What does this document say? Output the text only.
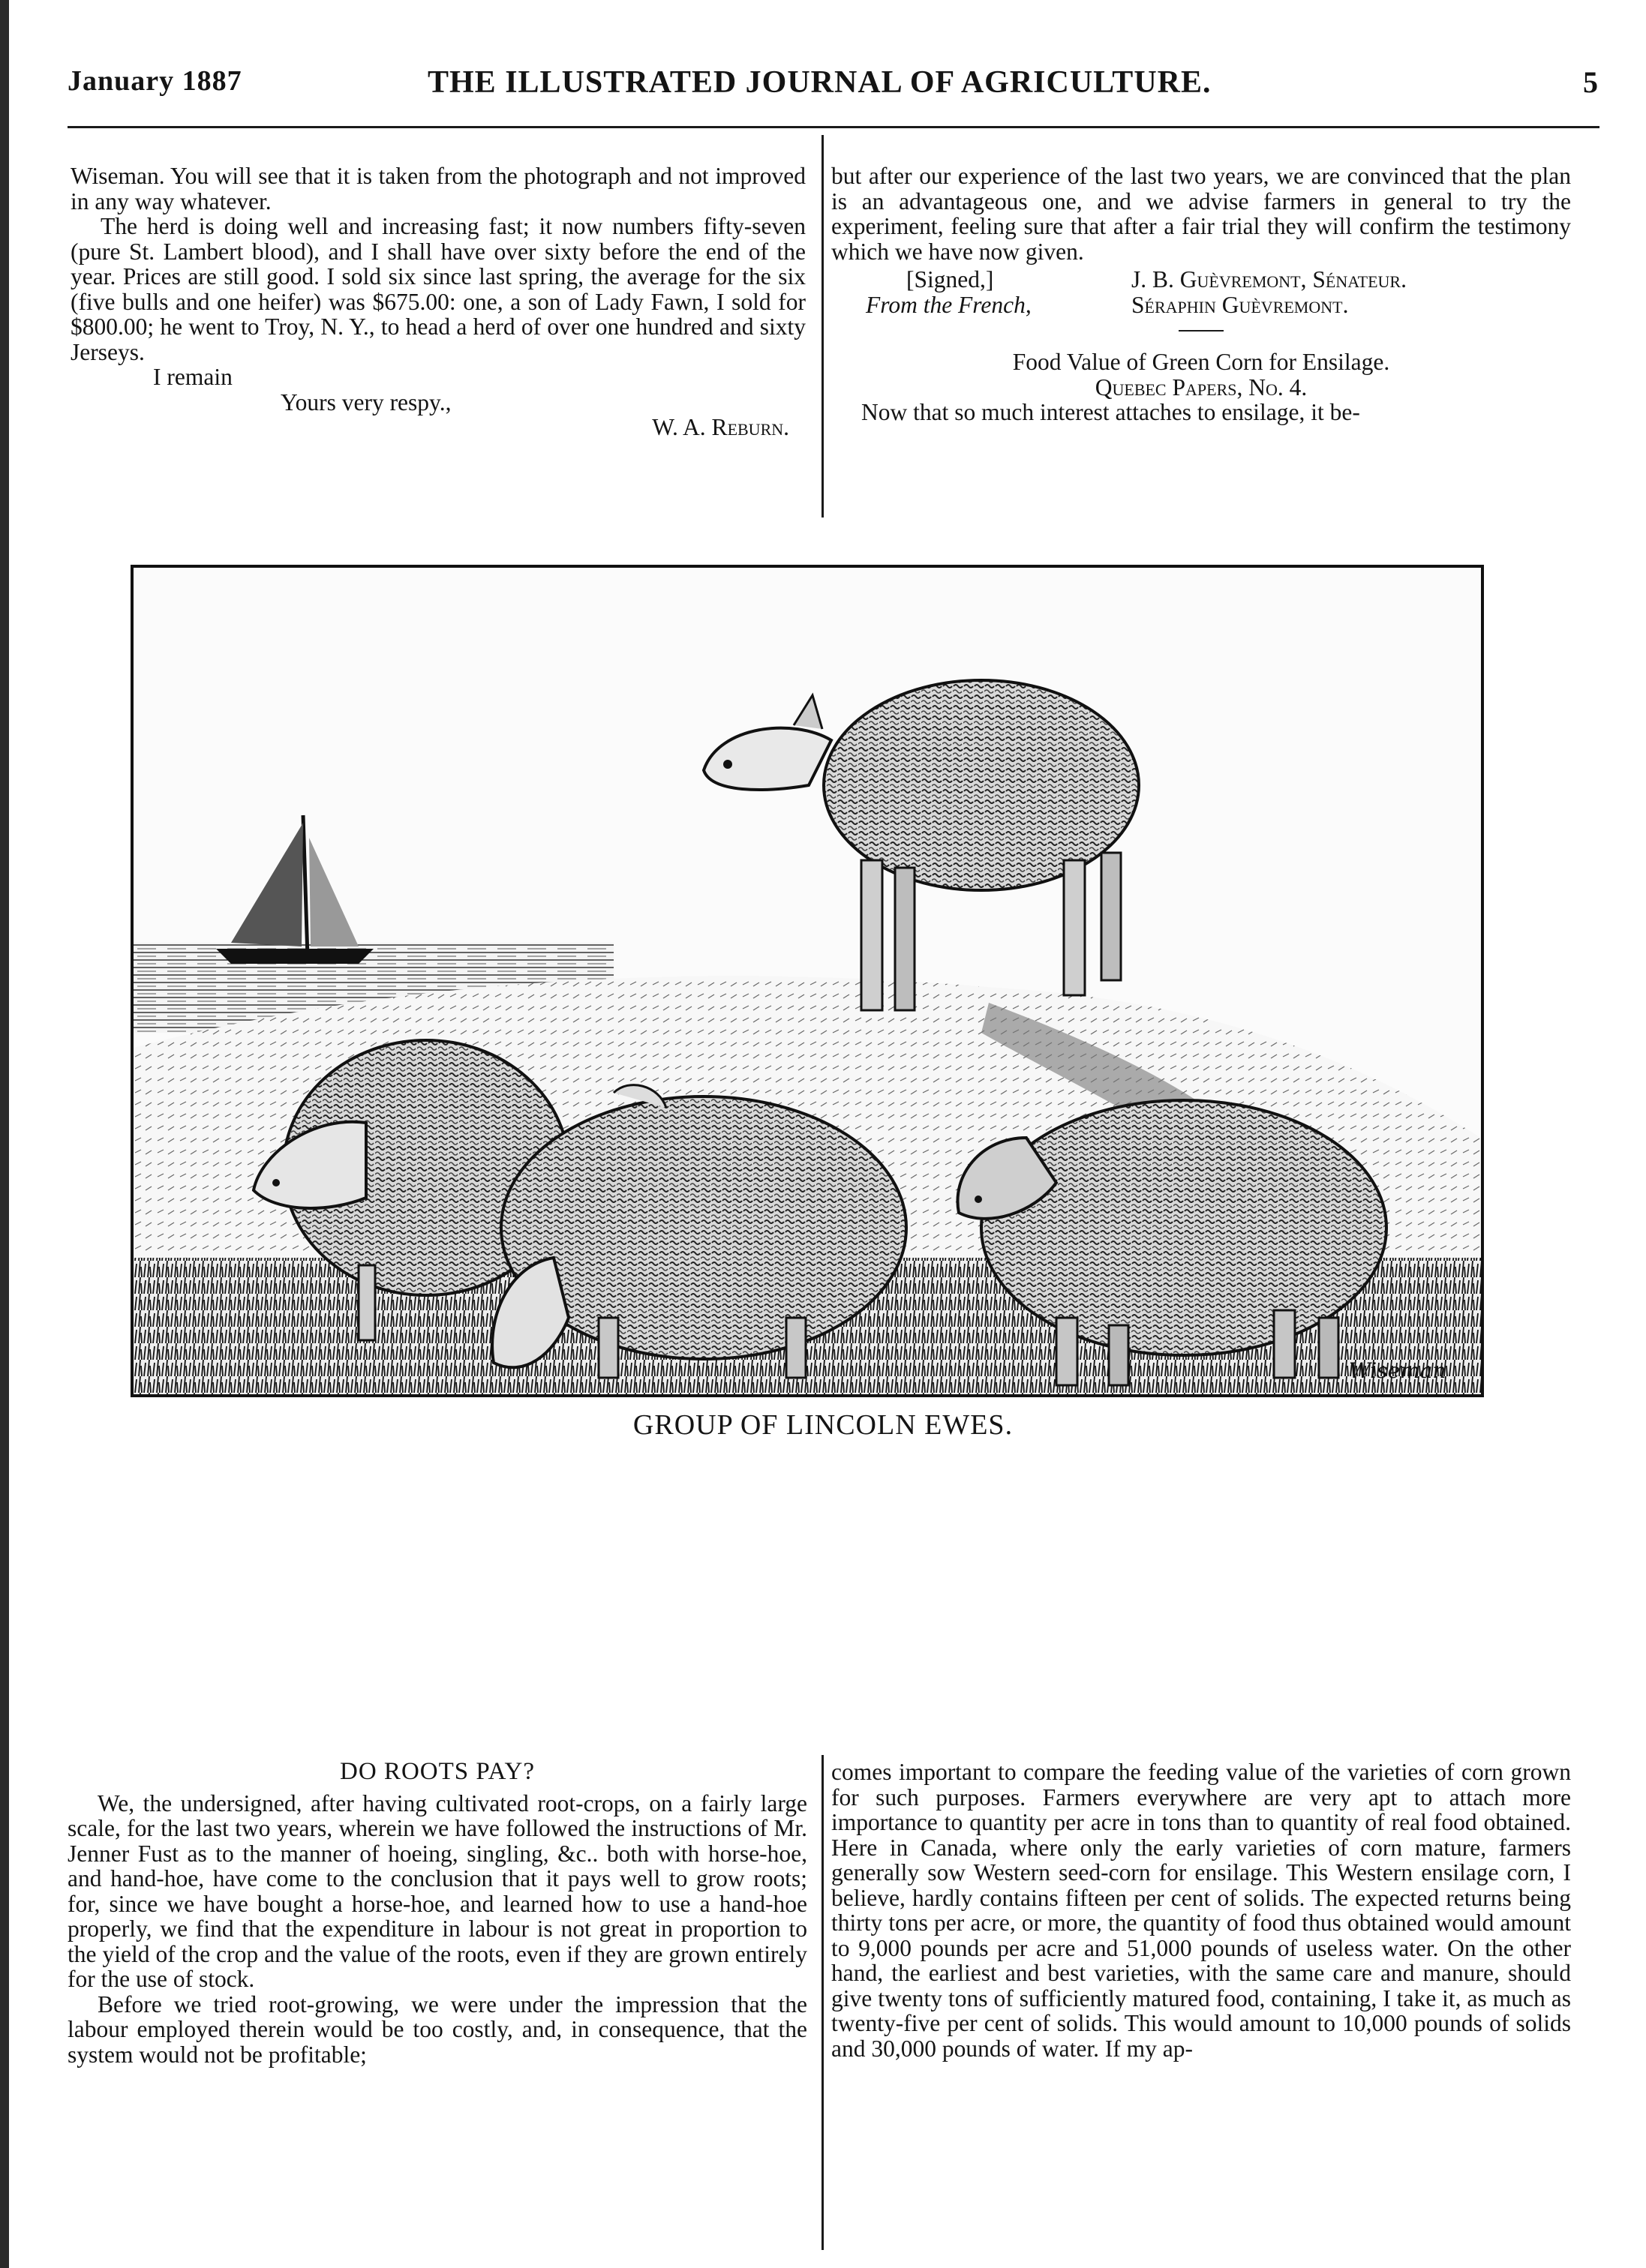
January 1887	THE ILLUSTRATED JOURNAL OF AGRICULTURE.	5

Wiseman. You will see that it is taken from the photograph and not improved in any way whatever.

The herd is doing well and increasing fast; it now numbers fifty-seven (pure St. Lambert blood), and I shall have over sixty before the end of the year. Prices are still good. I sold six since last spring, the average for the six (five bulls and one heifer) was $675.00: one, a son of Lady Fawn, I sold for $800.00; he went to Troy, N. Y., to head a herd of over one hundred and sixty Jerseys.

I remain

Yours very respy.,

W. A. Reburn.

but after our experience of the last two years, we are convinced that the plan is an advantageous one, and we advise farmers in general to try the experiment, feeling sure that after a fair trial they will confirm the testimony which we have now given.

[Signed,]	J. B. Guèvremont, Sénateur.
From the French,	Séraphin Guèvremont.

Food Value of Green Corn for Ensilage.

Quebec Papers, No. 4.

Now that so much interest attaches to ensilage, it be-

Wiseman
GROUP OF LINCOLN EWES.

DO ROOTS PAY?

We, the undersigned, after having cultivated root-crops, on a fairly large scale, for the last two years, wherein we have followed the instructions of Mr. Jenner Fust as to the manner of hoeing, singling, &c.. both with horse-hoe, and hand-hoe, have come to the conclusion that it pays well to grow roots; for, since we have bought a horse-hoe, and learned how to use a hand-hoe properly, we find that the expenditure in labour is not great in proportion to the yield of the crop and the value of the roots, even if they are grown entirely for the use of stock.

Before we tried root-growing, we were under the impression that the labour employed therein would be too costly, and, in consequence, that the system would not be profitable;

comes important to compare the feeding value of the varieties of corn grown for such purposes. Farmers everywhere are very apt to attach more importance to quantity per acre in tons than to quantity of real food obtained. Here in Canada, where only the early varieties of corn mature, farmers generally sow Western seed-corn for ensilage. This Western ensilage corn, I believe, hardly contains fifteen per cent of solids. The expected returns being thirty tons per acre, or more, the quantity of food thus obtained would amount to 9,000 pounds per acre and 51,000 pounds of useless water. On the other hand, the earliest and best varieties, with the same care and manure, should give twenty tons of sufficiently matured food, containing, I take it, as much as twenty-five per cent of solids. This would amount to 10,000 pounds of solids and 30,000 pounds of water. If my ap-
